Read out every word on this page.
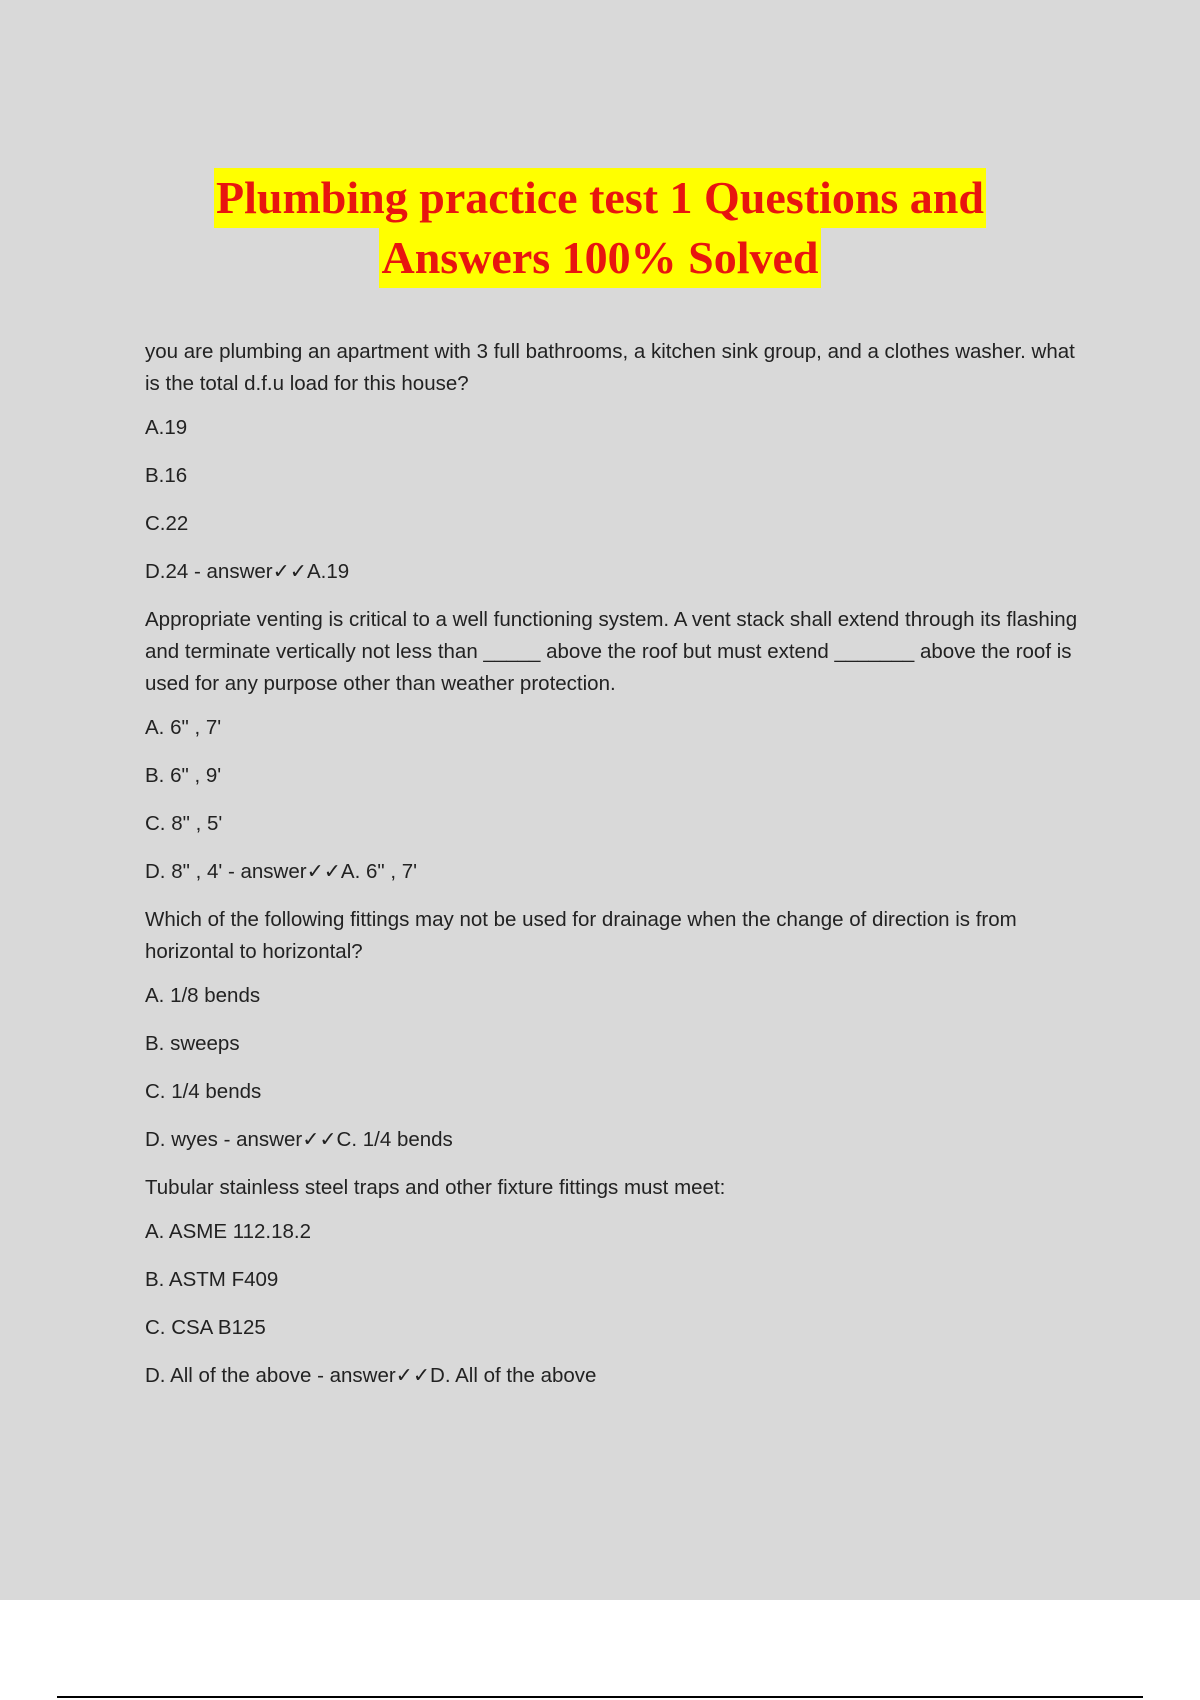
Plumbing practice test 1 Questions and
Answers 100% Solved
you are plumbing an apartment with 3 full bathrooms, a kitchen sink group, and a clothes washer. what is the total d.f.u load for this house?
A.19
B.16
C.22
D.24 - answer✓✓A.19
Appropriate venting is critical to a well functioning system. A vent stack shall extend through its flashing and terminate vertically not less than _____ above the roof but must extend _______ above the roof is used for any purpose other than weather protection.
A. 6" , 7'
B. 6" , 9'
C. 8" , 5'
D. 8" , 4' - answer✓✓A. 6" , 7'
Which of the following fittings may not be used for drainage when the change of direction is from horizontal to horizontal?
A. 1/8 bends
B. sweeps
C. 1/4 bends
D. wyes - answer✓✓C. 1/4 bends
Tubular stainless steel traps and other fixture fittings must meet:
A. ASME 112.18.2
B. ASTM F409
C. CSA B125
D. All of the above - answer✓✓D. All of the above
